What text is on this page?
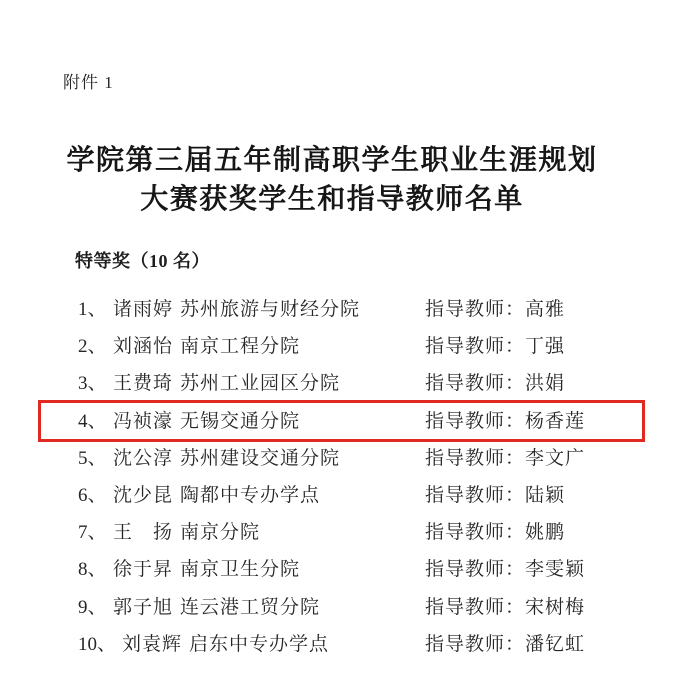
附件 1
学院第三届五年制高职学生职业生涯规划
大赛获奖学生和指导教师名单
特等奖（10 名）
1、 诸雨婷 苏州旅游与财经分院	指导教师：高雅
2、 刘涵怡 南京工程分院	指导教师：丁强
3、 王费琦 苏州工业园区分院	指导教师：洪娟
4、 冯祯濠 无锡交通分院	指导教师：杨香莲
5、 沈公淳 苏州建设交通分院	指导教师：李文广
6、 沈少昆 陶都中专办学点	指导教师：陆颖
7、 王　扬 南京分院	指导教师：姚鹏
8、 徐于昇 南京卫生分院	指导教师：李雯颖
9、 郭子旭 连云港工贸分院	指导教师：宋树梅
10、 刘袁辉 启东中专办学点	指导教师：潘钇虹
